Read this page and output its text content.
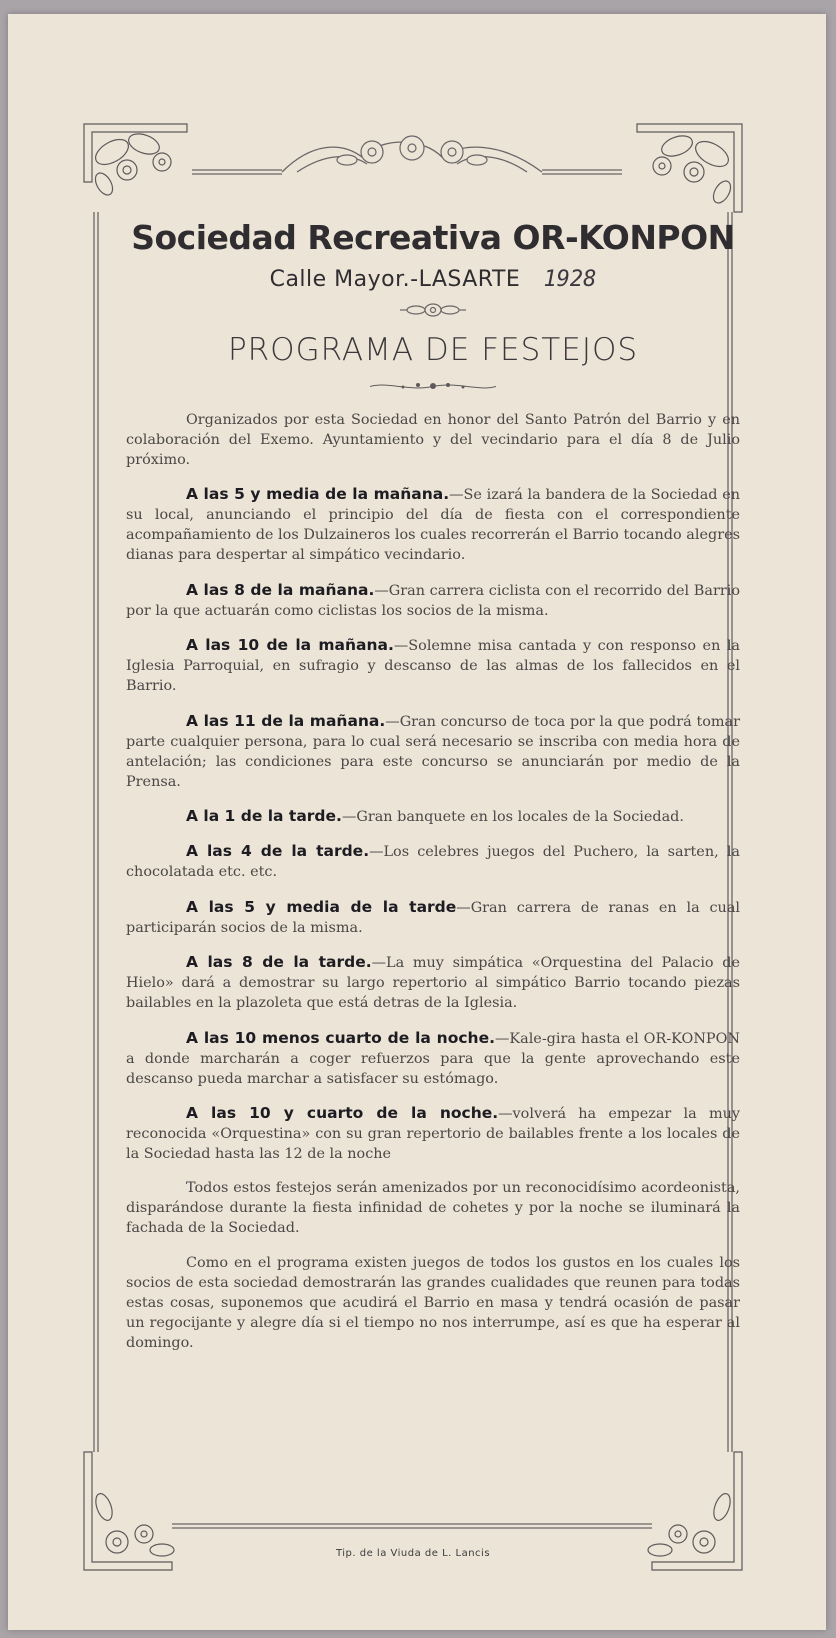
Sociedad Recreativa OR-KONPON
Calle Mayor.-LASARTE 1928
PROGRAMA DE FESTEJOS

Organizados por esta Sociedad en honor del Santo Patrón del Barrio y en colaboración del Exemo. Ayuntamiento y del vecindario para el día 8 de Julio próximo.

A las 5 y media de la mañana.—Se izará la bandera de la Sociedad en su local, anunciando el principio del día de fiesta con el correspondiente acompañamiento de los Dulzaineros los cuales recorrerán el Barrio tocando alegres dianas para despertar al simpático vecindario.

A las 8 de la mañana.—Gran carrera ciclista con el recorrido del Barrio por la que actuarán como ciclistas los socios de la misma.

A las 10 de la mañana.—Solemne misa cantada y con responso en la Iglesia Parroquial, en sufragio y descanso de las almas de los fallecidos en el Barrio.

A las 11 de la mañana.—Gran concurso de toca por la que podrá tomar parte cualquier persona, para lo cual será necesario se inscriba con media hora de antelación; las condiciones para este concurso se anunciarán por medio de la Prensa.

A la 1 de la tarde.—Gran banquete en los locales de la Sociedad.

A las 4 de la tarde.—Los celebres juegos del Puchero, la sarten, la chocolatada etc. etc.

A las 5 y media de la tarde—Gran carrera de ranas en la cual participarán socios de la misma.

A las 8 de la tarde.—La muy simpática «Orquestina del Palacio de Hielo» dará a demostrar su largo repertorio al simpático Barrio tocando piezas bailables en la plazoleta que está detras de la Iglesia.

A las 10 menos cuarto de la noche.—Kale-gira hasta el OR-KONPON a donde marcharán a coger refuerzos para que la gente aprovechando este descanso pueda marchar a satisfacer su estómago.

A las 10 y cuarto de la noche.—volverá ha empezar la muy reconocida «Orquestina» con su gran repertorio de bailables frente a los locales de la Sociedad hasta las 12 de la noche

Todos estos festejos serán amenizados por un reconocidísimo acordeonista, disparándose durante la fiesta infinidad de cohetes y por la noche se iluminará la fachada de la Sociedad.

Como en el programa existen juegos de todos los gustos en los cuales los socios de esta sociedad demostrarán las grandes cualidades que reunen para todas estas cosas, suponemos que acudirá el Barrio en masa y tendrá ocasión de pasar un regocijante y alegre día si el tiempo no nos interrumpe, así es que ha esperar al domingo.

Tip. de la Viuda de L. Lancis
